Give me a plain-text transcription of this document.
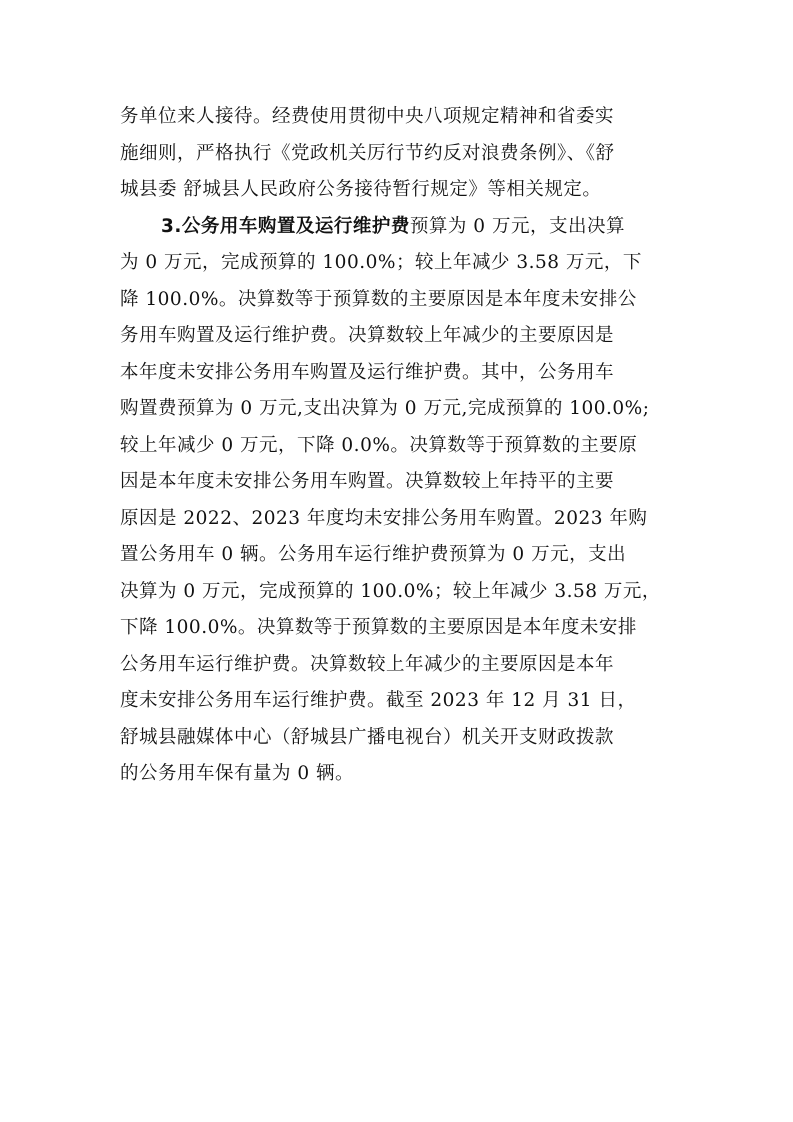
务单位来人接待。经费使用贯彻中央八项规定精神和省委实
施细则，严格执行《党政机关厉行节约反对浪费条例》、《舒
城县委 舒城县人民政府公务接待暂行规定》等相关规定。
3.公务用车购置及运行维护费预算为 0 万元，支出决算
为 0 万元，完成预算的 100.0%；较上年减少 3.58 万元，下
降 100.0%。决算数等于预算数的主要原因是本年度未安排公
务用车购置及运行维护费。决算数较上年减少的主要原因是
本年度未安排公务用车购置及运行维护费。其中，公务用车
购置费预算为 0 万元,支出决算为 0 万元,完成预算的 100.0%;
较上年减少 0 万元，下降 0.0%。决算数等于预算数的主要原
因是本年度未安排公务用车购置。决算数较上年持平的主要
原因是 2022、2023 年度均未安排公务用车购置。2023 年购
置公务用车 0 辆。公务用车运行维护费预算为 0 万元，支出
决算为 0 万元，完成预算的 100.0%；较上年减少 3.58 万元，
下降 100.0%。决算数等于预算数的主要原因是本年度未安排
公务用车运行维护费。决算数较上年减少的主要原因是本年
度未安排公务用车运行维护费。截至 2023 年 12 月 31 日，
舒城县融媒体中心（舒城县广播电视台）机关开支财政拨款
的公务用车保有量为 0 辆。
